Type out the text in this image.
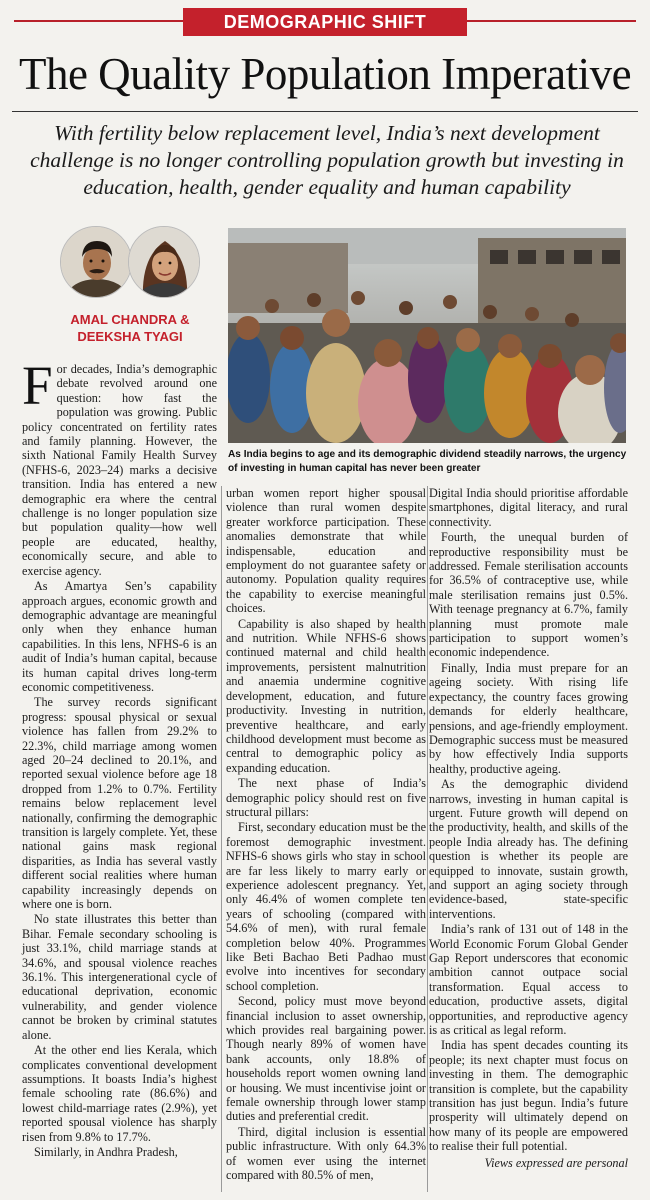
DEMOGRAPHIC SHIFT
The Quality Population Imperative

With fertility below replacement level, India’s next development challenge is no longer controlling population growth but investing in education, health, gender equality and human capability

AMAL CHANDRA &
DEEKSHA TYAGI

As India begins to age and its demographic dividend steadily narrows, the urgency of investing in human capital has never been greater

For decades, India’s demographic debate revolved around one question: how fast the population was growing. Public policy concentrated on fertility rates and family planning. However, the sixth National Family Health Survey (NFHS-6, 2023–24) marks a decisive transition. India has entered a new demographic era where the central challenge is no longer population size but population quality—how well people are educated, healthy, economically secure, and able to exercise agency.

As Amartya Sen’s capability approach argues, economic growth and demographic advantage are meaningful only when they enhance human capabilities. In this lens, NFHS-6 is an audit of India’s human capital, because its human capital drives long-term economic competitiveness.

The survey records significant progress: spousal physical or sexual violence has fallen from 29.2% to 22.3%, child marriage among women aged 20–24 declined to 20.1%, and reported sexual violence before age 18 dropped from 1.2% to 0.7%. Fertility remains below replacement level nationally, confirming the demographic transition is largely complete. Yet, these national gains mask regional disparities, as India has several vastly different social realities where human capability increasingly depends on where one is born.

No state illustrates this better than Bihar. Female secondary schooling is just 33.1%, child marriage stands at 34.6%, and spousal violence reaches 36.1%. This intergenerational cycle of educational deprivation, economic vulnerability, and gender violence cannot be broken by criminal statutes alone.

At the other end lies Kerala, which complicates conventional development assumptions. It boasts India’s highest female schooling rate (86.6%) and lowest child-marriage rates (2.9%), yet reported spousal violence has sharply risen from 9.8% to 17.7%.

Similarly, in Andhra Pradesh,

urban women report higher spousal violence than rural women despite greater workforce participation. These anomalies demonstrate that while indispensable, education and employment do not guarantee safety or autonomy. Population quality requires the capability to exercise meaningful choices.

Capability is also shaped by health and nutrition. While NFHS-6 shows continued maternal and child health improvements, persistent malnutrition and anaemia undermine cognitive development, education, and future productivity. Investing in nutrition, preventive healthcare, and early childhood development must become as central to demographic policy as expanding education.

The next phase of India’s demographic policy should rest on five structural pillars:

First, secondary education must be the foremost demographic investment. NFHS-6 shows girls who stay in school are far less likely to marry early or experience adolescent pregnancy. Yet, only 46.4% of women complete ten years of schooling (compared with 54.6% of men), with rural female completion below 40%. Programmes like Beti Bachao Beti Padhao must evolve into incentives for secondary school completion.

Second, policy must move beyond financial inclusion to asset ownership, which provides real bargaining power. Though nearly 89% of women have bank accounts, only 18.8% of households report women owning land or housing. We must incentivise joint or female ownership through lower stamp duties and preferential credit.

Third, digital inclusion is essential public infrastructure. With only 64.3% of women ever using the internet compared with 80.5% of men,

Digital India should prioritise affordable smartphones, digital literacy, and rural connectivity.

Fourth, the unequal burden of reproductive responsibility must be addressed. Female sterilisation accounts for 36.5% of contraceptive use, while male sterilisation remains just 0.5%. With teenage pregnancy at 6.7%, family planning must promote male participation to support women’s economic independence.

Finally, India must prepare for an ageing society. With rising life expectancy, the country faces growing demands for elderly healthcare, pensions, and age-friendly employment. Demographic success must be measured by how effectively India supports healthy, productive ageing.

As the demographic dividend narrows, investing in human capital is urgent. Future growth will depend on the productivity, health, and skills of the people India already has. The defining question is whether its people are equipped to innovate, sustain growth, and support an aging society through evidence-based, state-specific interventions.

India’s rank of 131 out of 148 in the World Economic Forum Global Gender Gap Report underscores that economic ambition cannot outpace social transformation. Equal access to education, productive assets, digital opportunities, and reproductive agency is as critical as legal reform.

India has spent decades counting its people; its next chapter must focus on investing in them. The demographic transition is complete, but the capability transition has just begun. India’s future prosperity will ultimately depend on how many of its people are empowered to realise their full potential.

Views expressed are personal
